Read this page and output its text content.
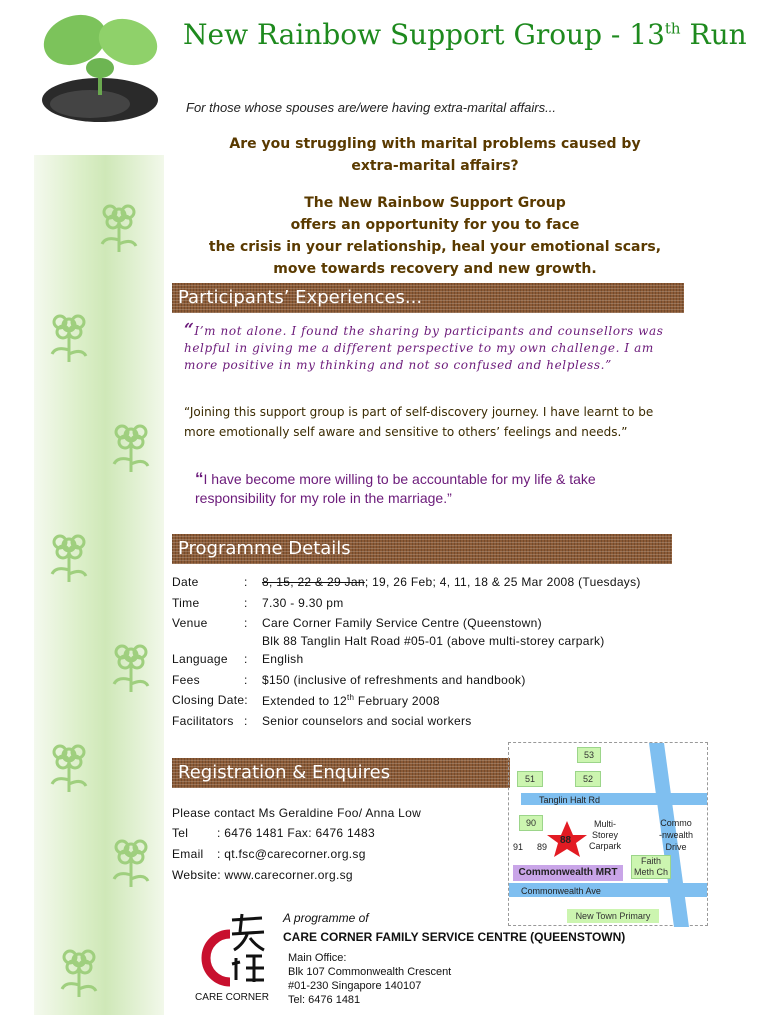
New Rainbow Support Group - 13th Run
For those whose spouses are/were having extra-marital affairs...
Are you struggling with marital problems caused by
extra-marital affairs?
The New Rainbow Support Group
offers an opportunity for you to face
the crisis in your relationship, heal your emotional scars,
move towards recovery and new growth.
Participants’ Experiences...
“I’m not alone. I found the sharing by participants and counsellors was helpful in giving me a different perspective to my own challenge. I am more positive in my thinking and not so confused and helpless.”
“Joining this support group is part of self-discovery journey. I have learnt to be more emotionally self aware and sensitive to others’ feelings and needs.”
“I have become more willing to be accountable for my life & take responsibility for my role in the marriage.”
Programme Details
Date	: 8, 15, 22 & 29 Jan; 19, 26 Feb; 4, 11, 18 & 25 Mar 2008 (Tuesdays)
Time	: 7.30 - 9.30 pm
Venue	: Care Corner Family Service Centre (Queenstown)
Blk 88 Tanglin Halt Road #05-01 (above multi-storey carpark)
Language : English
Fees	: $150 (inclusive of refreshments and handbook)
Closing Date: Extended to 12th February 2008
Facilitators : Senior counselors and social workers
Registration & Enquires
Please contact Ms Geraldine Foo/ Anna Low
Tel : 6476 1481 Fax: 6476 1483
Email : qt.fsc@carecorner.org.sg
Website: www.carecorner.org.sg
53
51	52
Tanglin Halt Rd
90
91 89
88
Multi-
Storey
Carpark
Commo
-nwealth
Drive
Faith
Meth Ch
Commonwealth MRT
Commonwealth Ave
New Town Primary
CARE CORNER
A programme of
CARE CORNER FAMILY SERVICE CENTRE (QUEENSTOWN)
Main Office:
Blk 107 Commonwealth Crescent
#01-230 Singapore 140107
Tel: 6476 1481
